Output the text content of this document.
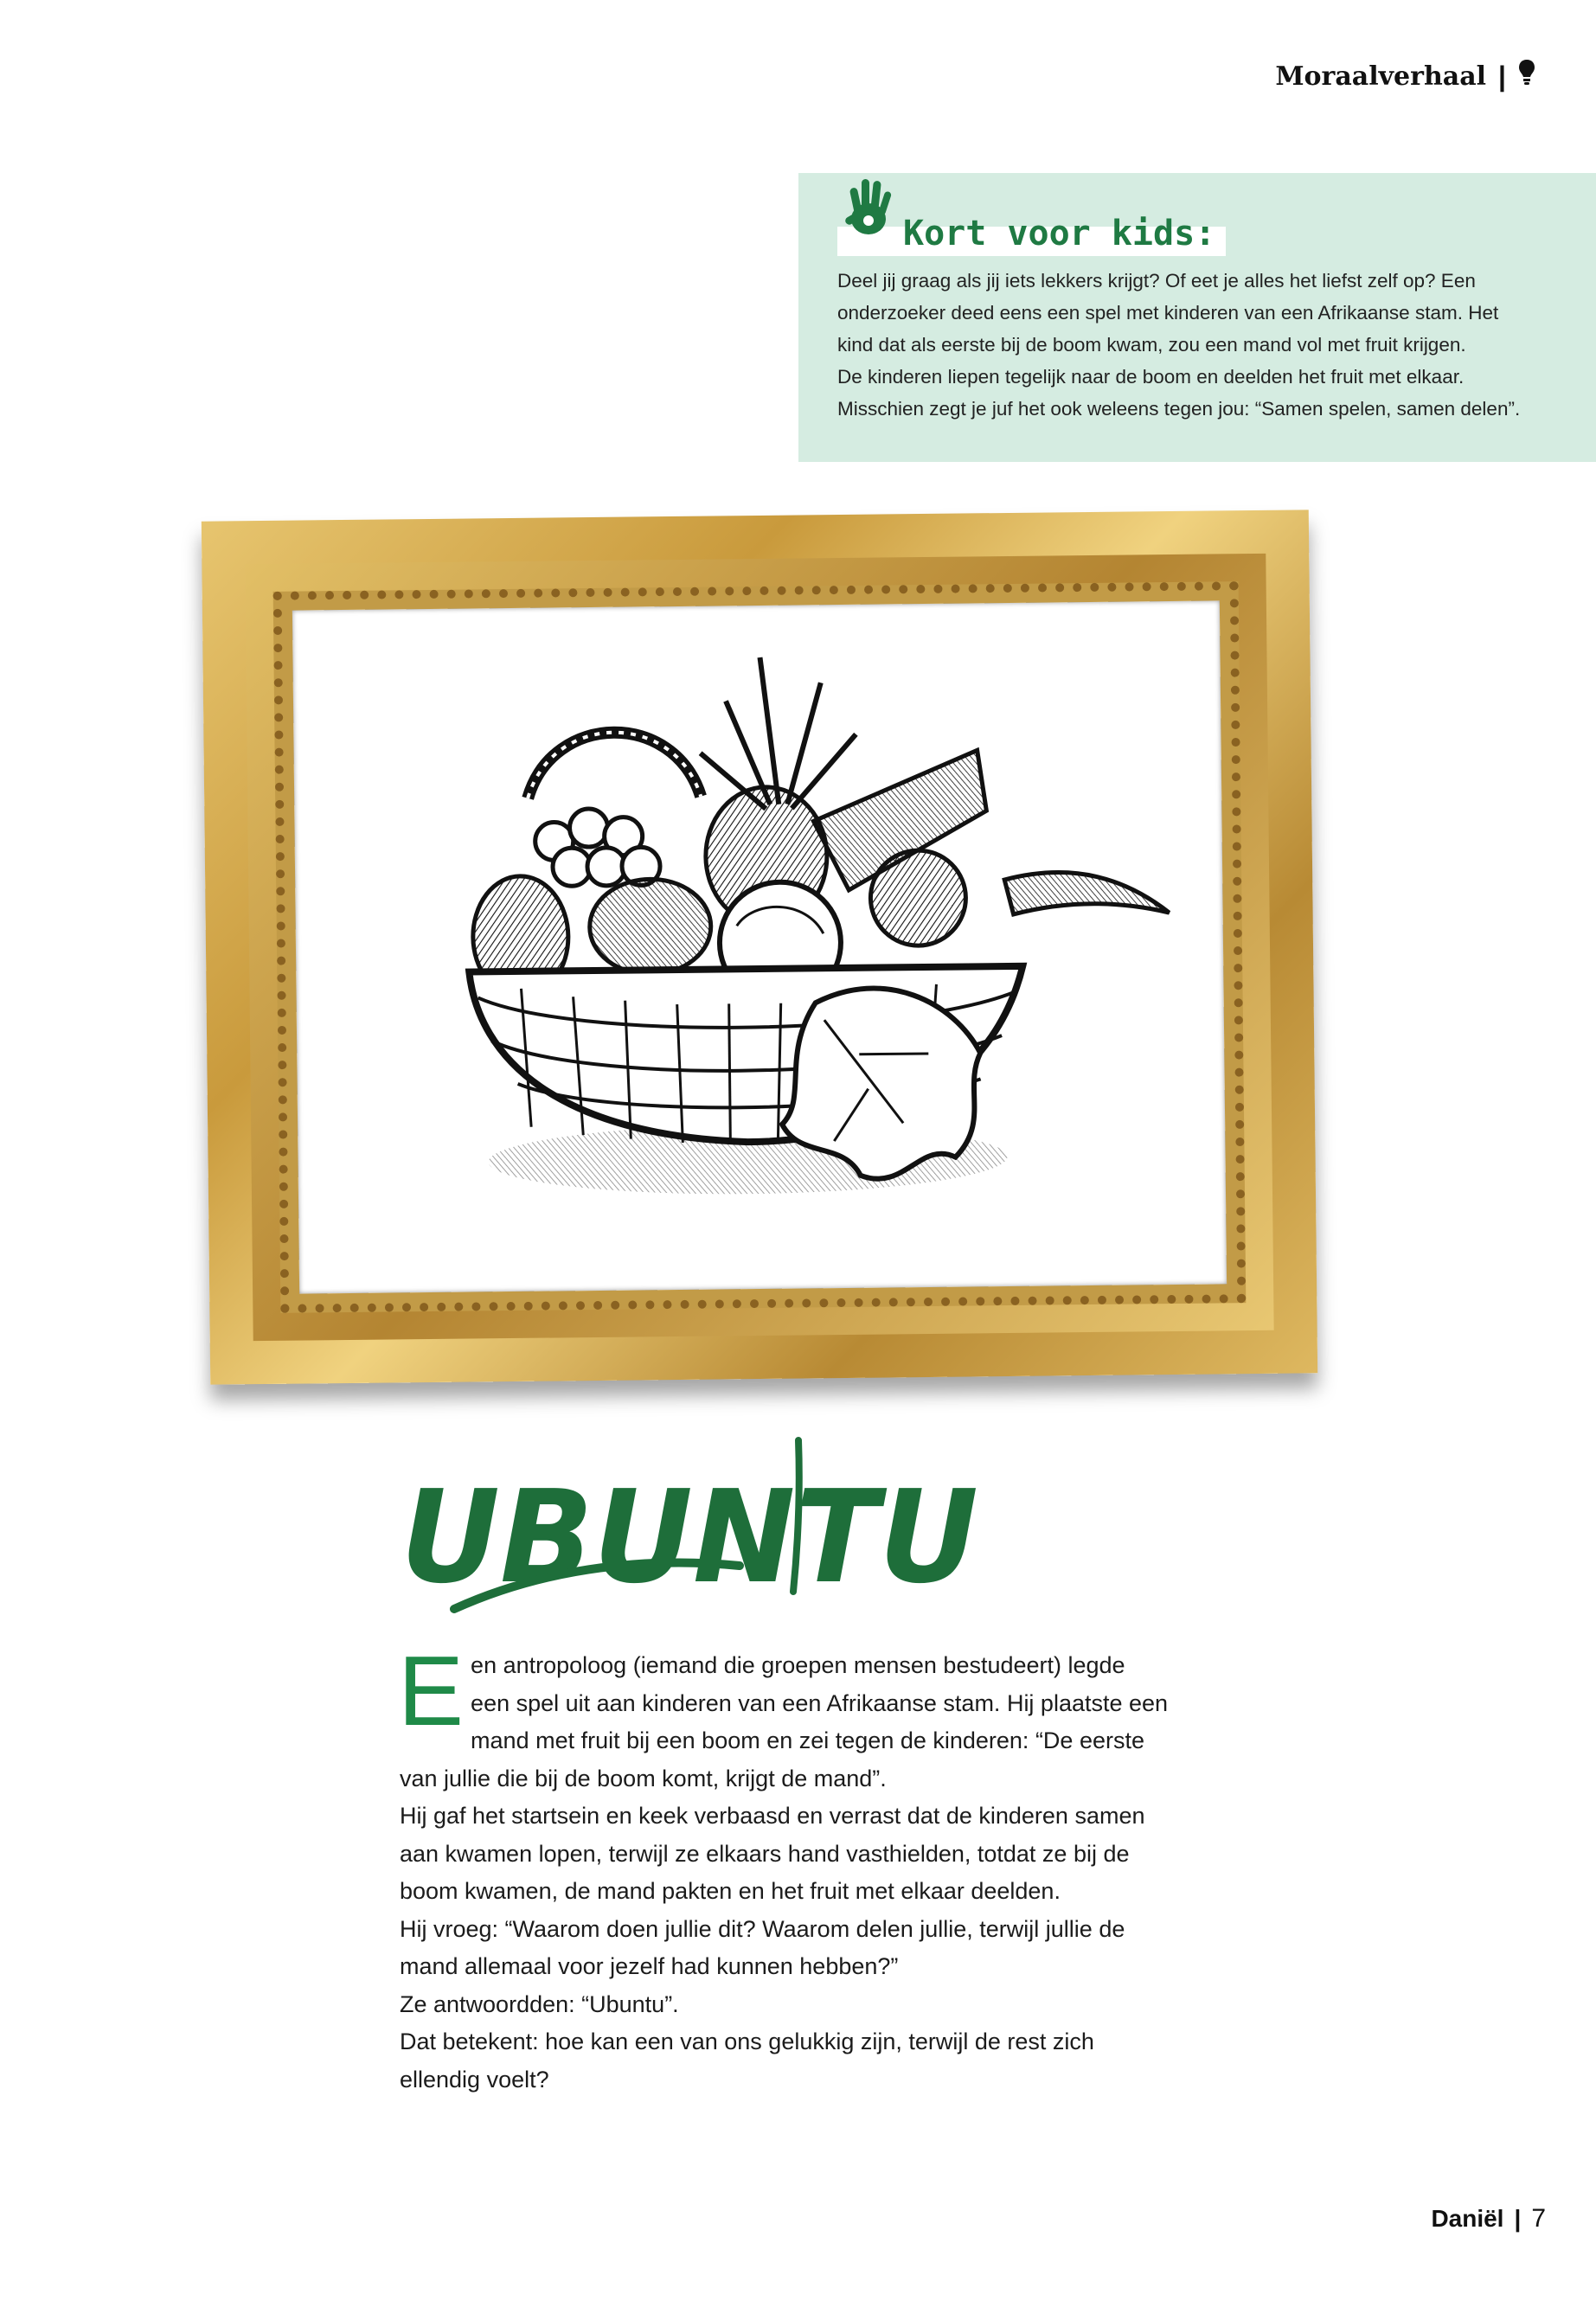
Moraalverhaal |
Kort voor kids:
Deel jij graag als jij iets lekkers krijgt? Of eet je alles het liefst zelf op? Een
onderzoeker deed eens een spel met kinderen van een Afrikaanse stam. Het
kind dat als eerste bij de boom kwam, zou een mand vol met fruit krijgen.
De kinderen liepen tegelijk naar de boom en deelden het fruit met elkaar.
Misschien zegt je juf het ook weleens tegen jou: “Samen spelen, samen delen”.
UBUNTU
E en antropoloog (iemand die groepen mensen bestudeert) legde

een spel uit aan kinderen van een Afrikaanse stam. Hij plaatste een

mand met fruit bij een boom en zei tegen de kinderen: “De eerste

van jullie die bij de boom komt, krijgt de mand”.

Hij gaf het startsein en keek verbaasd en verrast dat de kinderen samen

aan kwamen lopen, terwijl ze elkaars hand vasthielden, totdat ze bij de

boom kwamen, de mand pakten en het fruit met elkaar deelden.

Hij vroeg: “Waarom doen jullie dit? Waarom delen jullie, terwijl jullie de

mand allemaal voor jezelf had kunnen hebben?”

Ze antwoordden: “Ubuntu”.

Dat betekent: hoe kan een van ons gelukkig zijn, terwijl de rest zich

ellendig voelt?

Daniël | 7
